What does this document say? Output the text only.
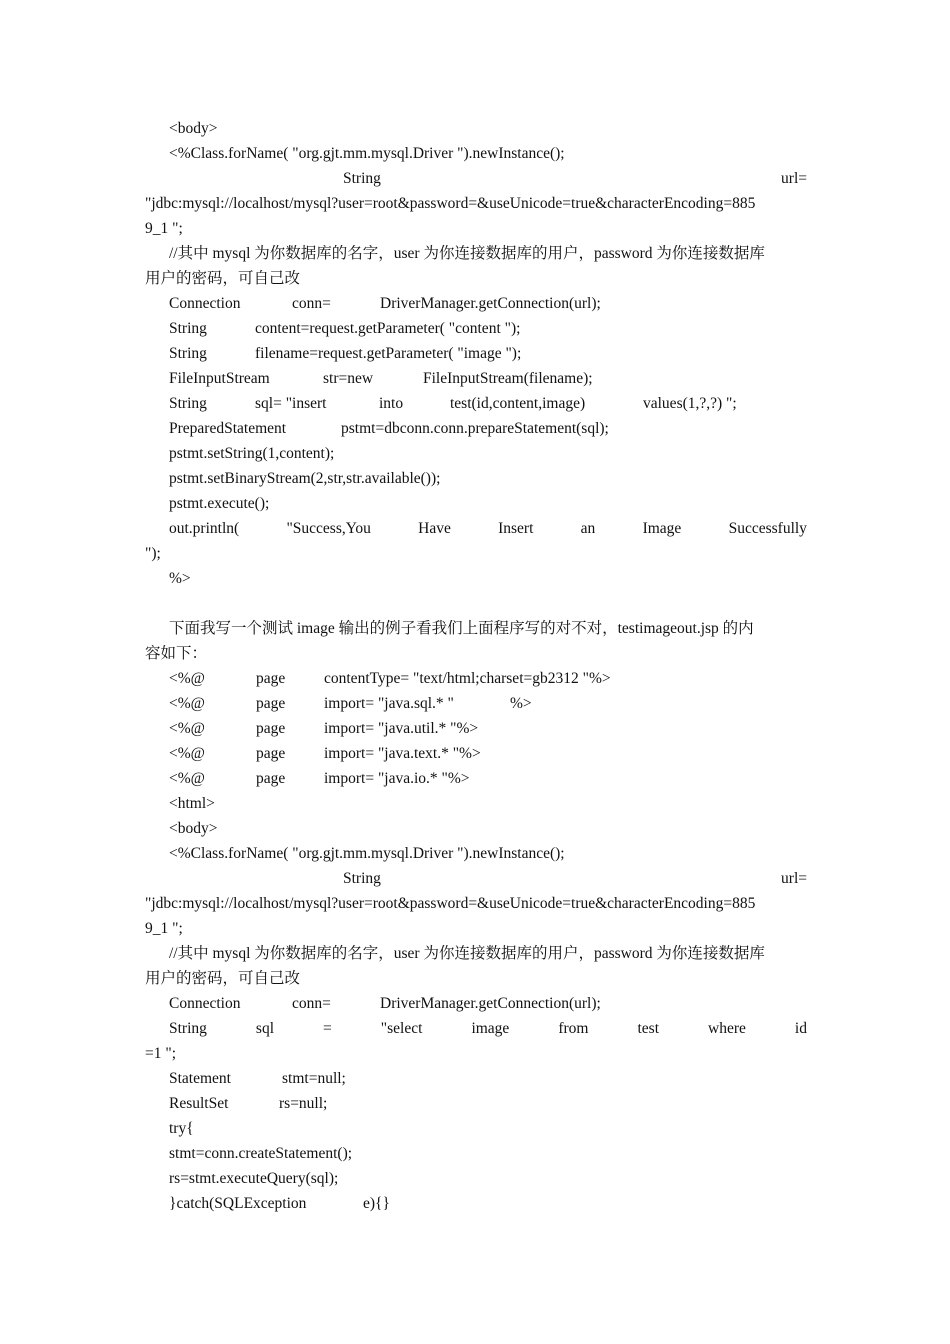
<body>
<%Class.forName( "org.gjt.mm.mysql.Driver ").newInstance();
String	url=
"jdbc:mysql://localhost/mysql?user=root&password=&useUnicode=true&characterEncoding=885
9_1 ";
//其中 mysql 为你数据库的名字，user 为你连接数据库的用户，password 为你连接数据库
用户的密码，可自己改
Connection	conn=	DriverManager.getConnection(url);
String	content=request.getParameter( "content ");
String	filename=request.getParameter( "image ");
FileInputStream	str=new	FileInputStream(filename);
String	sql= "insert	into	test(id,content,image)	values(1,?,?) ";
PreparedStatement	pstmt=dbconn.conn.prepareStatement(sql);
pstmt.setString(1,content);
pstmt.setBinaryStream(2,str,str.available());
pstmt.execute();
out.println(	"Success,You	Have	Insert	an	Image	Successfully
");
%>
下面我写一个测试 image 输出的例子看我们上面程序写的对不对，testimageout.jsp 的内
容如下：
<%@	page contentType= "text/html;charset=gb2312 "%>
<%@	page import= "java.sql.* "	%>
<%@	page import= "java.util.* "%>
<%@	page import= "java.text.* "%>
<%@	page import= "java.io.* "%>
<html>
<body>
<%Class.forName( "org.gjt.mm.mysql.Driver ").newInstance();
String	url=
"jdbc:mysql://localhost/mysql?user=root&password=&useUnicode=true&characterEncoding=885
9_1 ";
//其中 mysql 为你数据库的名字，user 为你连接数据库的用户，password 为你连接数据库
用户的密码，可自己改
Connection	conn=	DriverManager.getConnection(url);
String	sql	=	"select	image	from	test	where	id
=1 ";
Statement	stmt=null;
ResultSet	rs=null;
try{
stmt=conn.createStatement();
rs=stmt.executeQuery(sql);
}catch(SQLException	e){}
